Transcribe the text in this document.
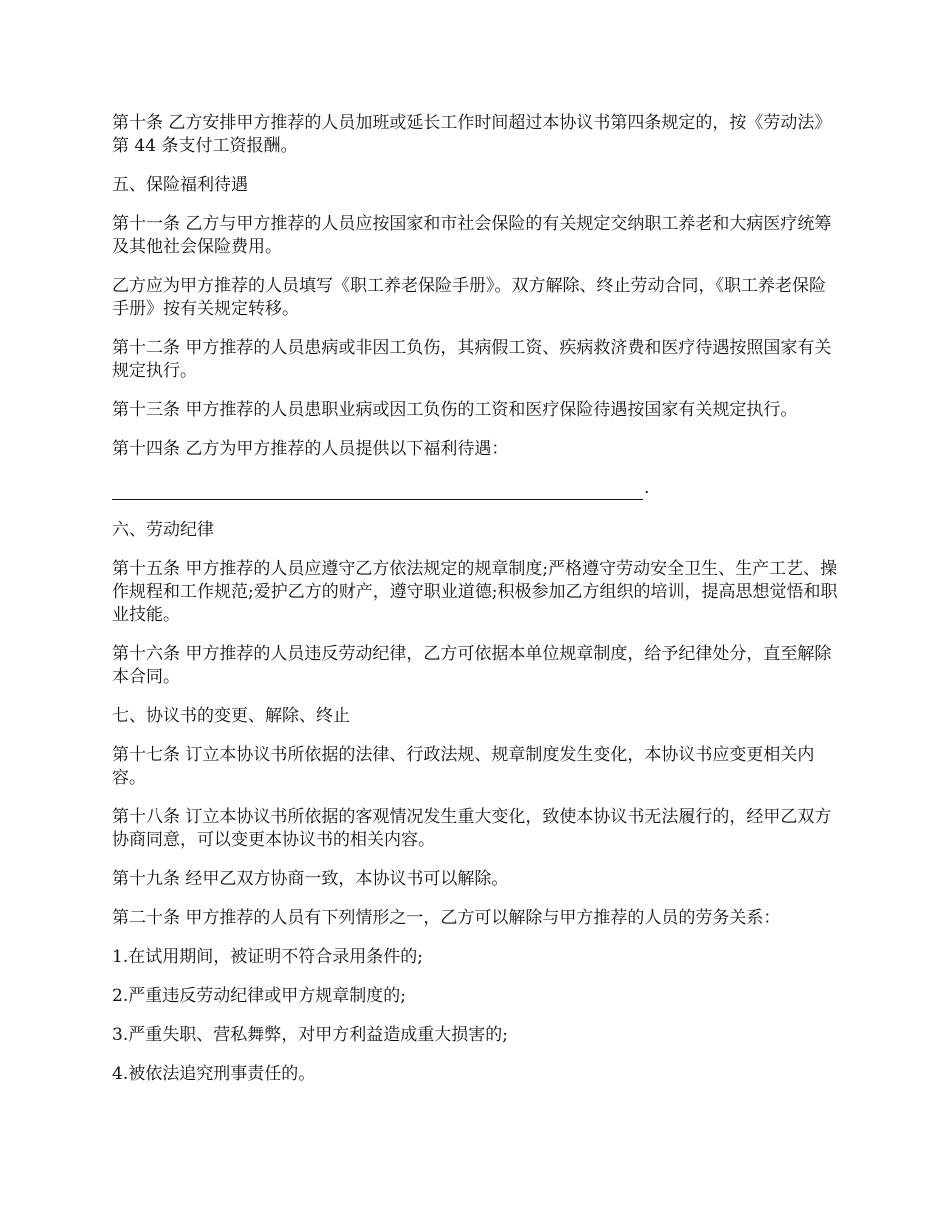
第十条 乙方安排甲方推荐的人员加班或延长工作时间超过本协议书第四条规定的，按《劳动法》第 44 条支付工资报酬。

五、保险福利待遇

第十一条 乙方与甲方推荐的人员应按国家和市社会保险的有关规定交纳职工养老和大病医疗统筹及其他社会保险费用。

乙方应为甲方推荐的人员填写《职工养老保险手册》。双方解除、终止劳动合同，《职工养老保险手册》按有关规定转移。

第十二条 甲方推荐的人员患病或非因工负伤，其病假工资、疾病救济费和医疗待遇按照国家有关规定执行。

第十三条 甲方推荐的人员患职业病或因工负伤的工资和医疗保险待遇按国家有关规定执行。

第十四条 乙方为甲方推荐的人员提供以下福利待遇：

.

六、劳动纪律

第十五条 甲方推荐的人员应遵守乙方依法规定的规章制度;严格遵守劳动安全卫生、生产工艺、操作规程和工作规范;爱护乙方的财产，遵守职业道德;积极参加乙方组织的培训，提高思想觉悟和职业技能。

第十六条 甲方推荐的人员违反劳动纪律，乙方可依据本单位规章制度，给予纪律处分，直至解除本合同。

七、协议书的变更、解除、终止

第十七条 订立本协议书所依据的法律、行政法规、规章制度发生变化，本协议书应变更相关内容。

第十八条 订立本协议书所依据的客观情况发生重大变化，致使本协议书无法履行的，经甲乙双方协商同意，可以变更本协议书的相关内容。

第十九条 经甲乙双方协商一致，本协议书可以解除。

第二十条 甲方推荐的人员有下列情形之一，乙方可以解除与甲方推荐的人员的劳务关系：

1.在试用期间，被证明不符合录用条件的;

2.严重违反劳动纪律或甲方规章制度的;

3.严重失职、营私舞弊，对甲方利益造成重大损害的;

4.被依法追究刑事责任的。
